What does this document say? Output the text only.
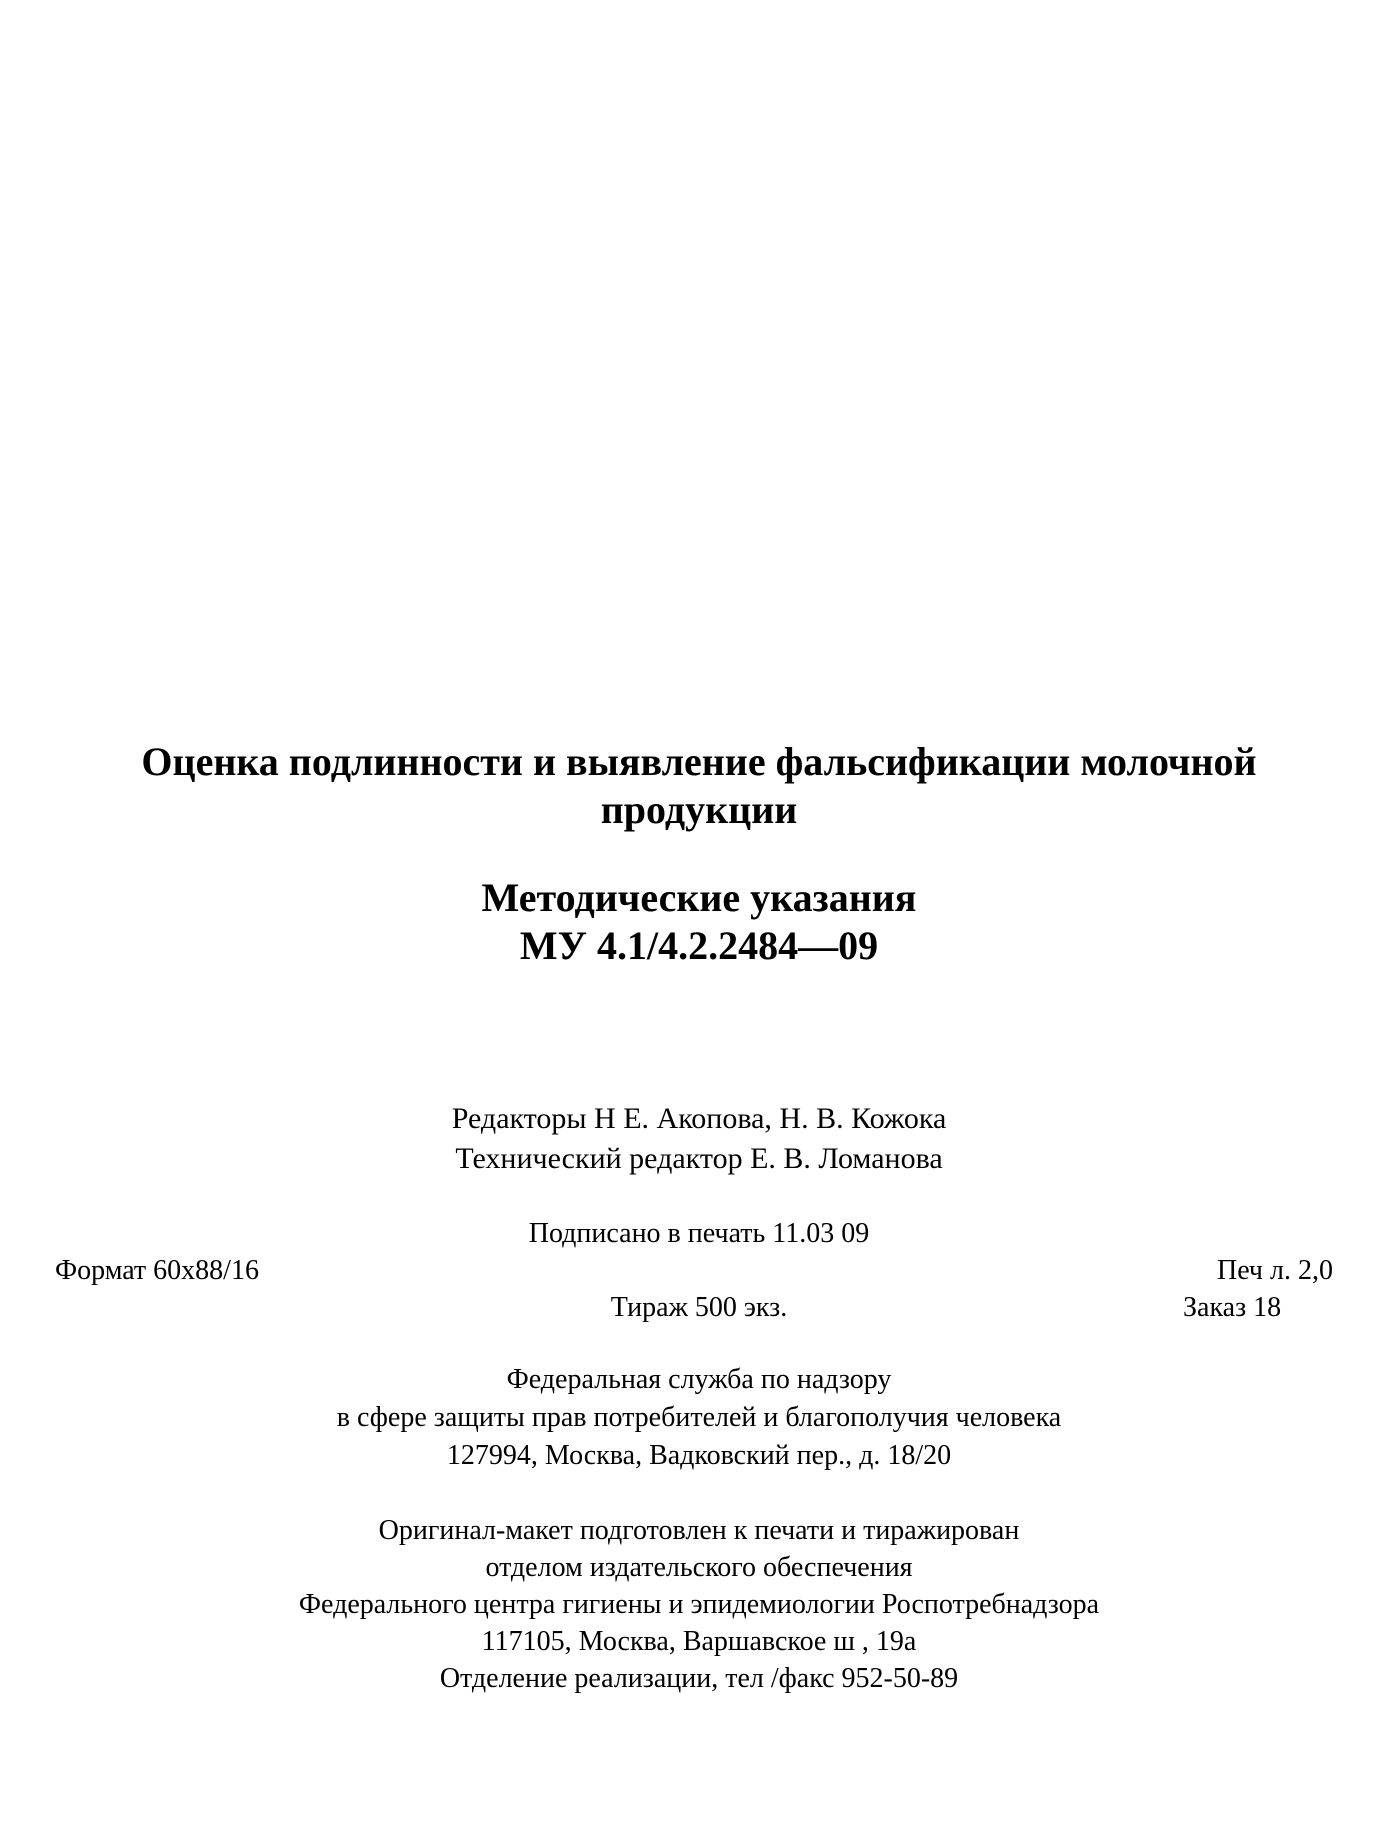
Оценка подлинности и выявление фальсификации молочной
продукции
Методические указания
МУ 4.1/4.2.2484—09
Редакторы Н Е. Акопова, Н. В. Кожока
Технический редактор Е. В. Ломанова
Подписано в печать 11.03 09
Формат 60x88/16	Печ л. 2,0
Тираж 500 экз.	Заказ 18
Федеральная служба по надзору
в сфере защиты прав потребителей и благополучия человека
127994, Москва, Вадковский пер., д. 18/20
Оригинал-макет подготовлен к печати и тиражирован
отделом издательского обеспечения
Федерального центра гигиены и эпидемиологии Роспотребнадзора
117105, Москва, Варшавское ш , 19а
Отделение реализации, тел /факс 952-50-89
